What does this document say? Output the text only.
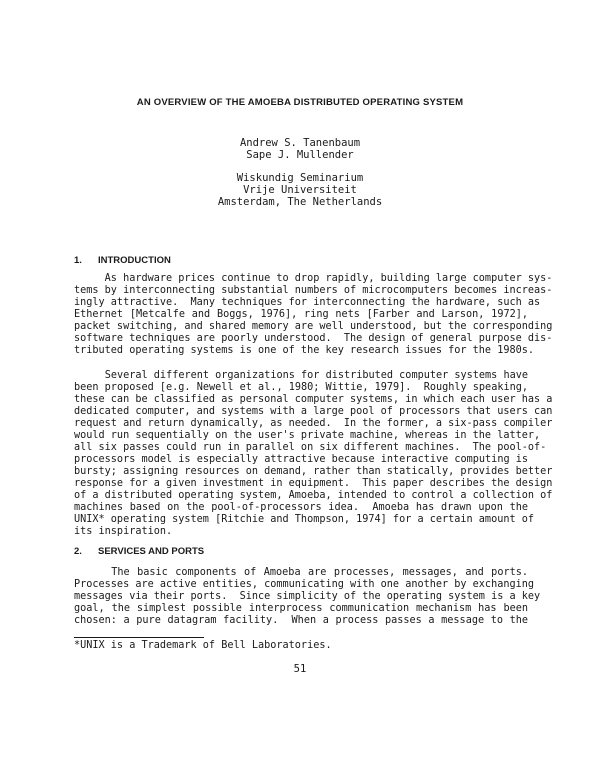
AN OVERVIEW OF THE AMOEBA DISTRIBUTED OPERATING SYSTEM
Andrew S. Tanenbaum
Sape J. Mullender
Wiskundig Seminarium
Vrije Universiteit
Amsterdam, The Netherlands
1. INTRODUCTION
As hardware prices continue to drop rapidly, building large computer sys-
tems by interconnecting substantial numbers of microcomputers becomes increas-
ingly attractive.  Many techniques for interconnecting the hardware, such as
Ethernet [Metcalfe and Boggs, 1976], ring nets [Farber and Larson, 1972],
packet switching, and shared memory are well understood, but the corresponding
software techniques are poorly understood.  The design of general purpose dis-
tributed operating systems is one of the key research issues for the 1980s.
Several different organizations for distributed computer systems have
been proposed [e.g. Newell et al., 1980; Wittie, 1979].  Roughly speaking,
these can be classified as personal computer systems, in which each user has a
dedicated computer, and systems with a large pool of processors that users can
request and return dynamically, as needed.  In the former, a six-pass compiler
would run sequentially on the user's private machine, whereas in the latter,
all six passes could run in parallel on six different machines.  The pool-of-
processors model is especially attractive because interactive computing is
bursty; assigning resources on demand, rather than statically, provides better
response for a given investment in equipment.  This paper describes the design
of a distributed operating system, Amoeba, intended to control a collection of
machines based on the pool-of-processors idea.  Amoeba has drawn upon the
UNIX* operating system [Ritchie and Thompson, 1974] for a certain amount of
its inspiration.
2. SERVICES AND PORTS
The basic components of Amoeba are processes, messages, and ports.
Processes are active entities, communicating with one another by exchanging
messages via their ports.  Since simplicity of the operating system is a key
goal, the simplest possible interprocess communication mechanism has been
chosen: a pure datagram facility.  When a process passes a message to the
*UNIX is a Trademark of Bell Laboratories.
51
